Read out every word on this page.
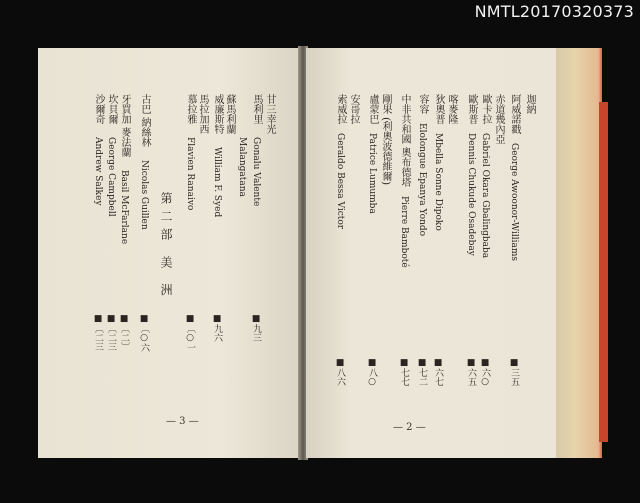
NMTL20170320373
甘三幸光
馬利里 Gonalu Valente
Malangatana
■九三
蘇馬利蘭
威廉斯特 William F. Syed
■九六
馬拉加西
慕拉雅 Flavien Ranaivo
■〔○一
第二部 美 洲
古巴 納絲林 Nicolas Guillen
■〔○六
牙買加 麥法蘭 Basil McFarlane
■〔二〕
坎貝爾 George Campbell
■〔二三
沙爾奇 Andrew Salkey
■〔二三
— 3 —
迦納
阿威諾戳 George Awoonor-Williams
■三五
赤道幾內亞
歐卡拉 Gabriel Okara Gbalingbaba
■六○
歐斯普 Dennis Chukude Osadebay
■六五
喀麥隆
狄奧普 Mbella Sonne Dipoko
■六七
容容 Elolongue Epanya Yondo
■七二
中非共和國 奧布德塔 Pierre Bamboté
■七七
剛果 (利奧波德維爾)
盧蒙巴 Patrice Lumumba
■八○
安哥拉
索威拉 Geraldo Bessa Victor
■八六
— 2 —
